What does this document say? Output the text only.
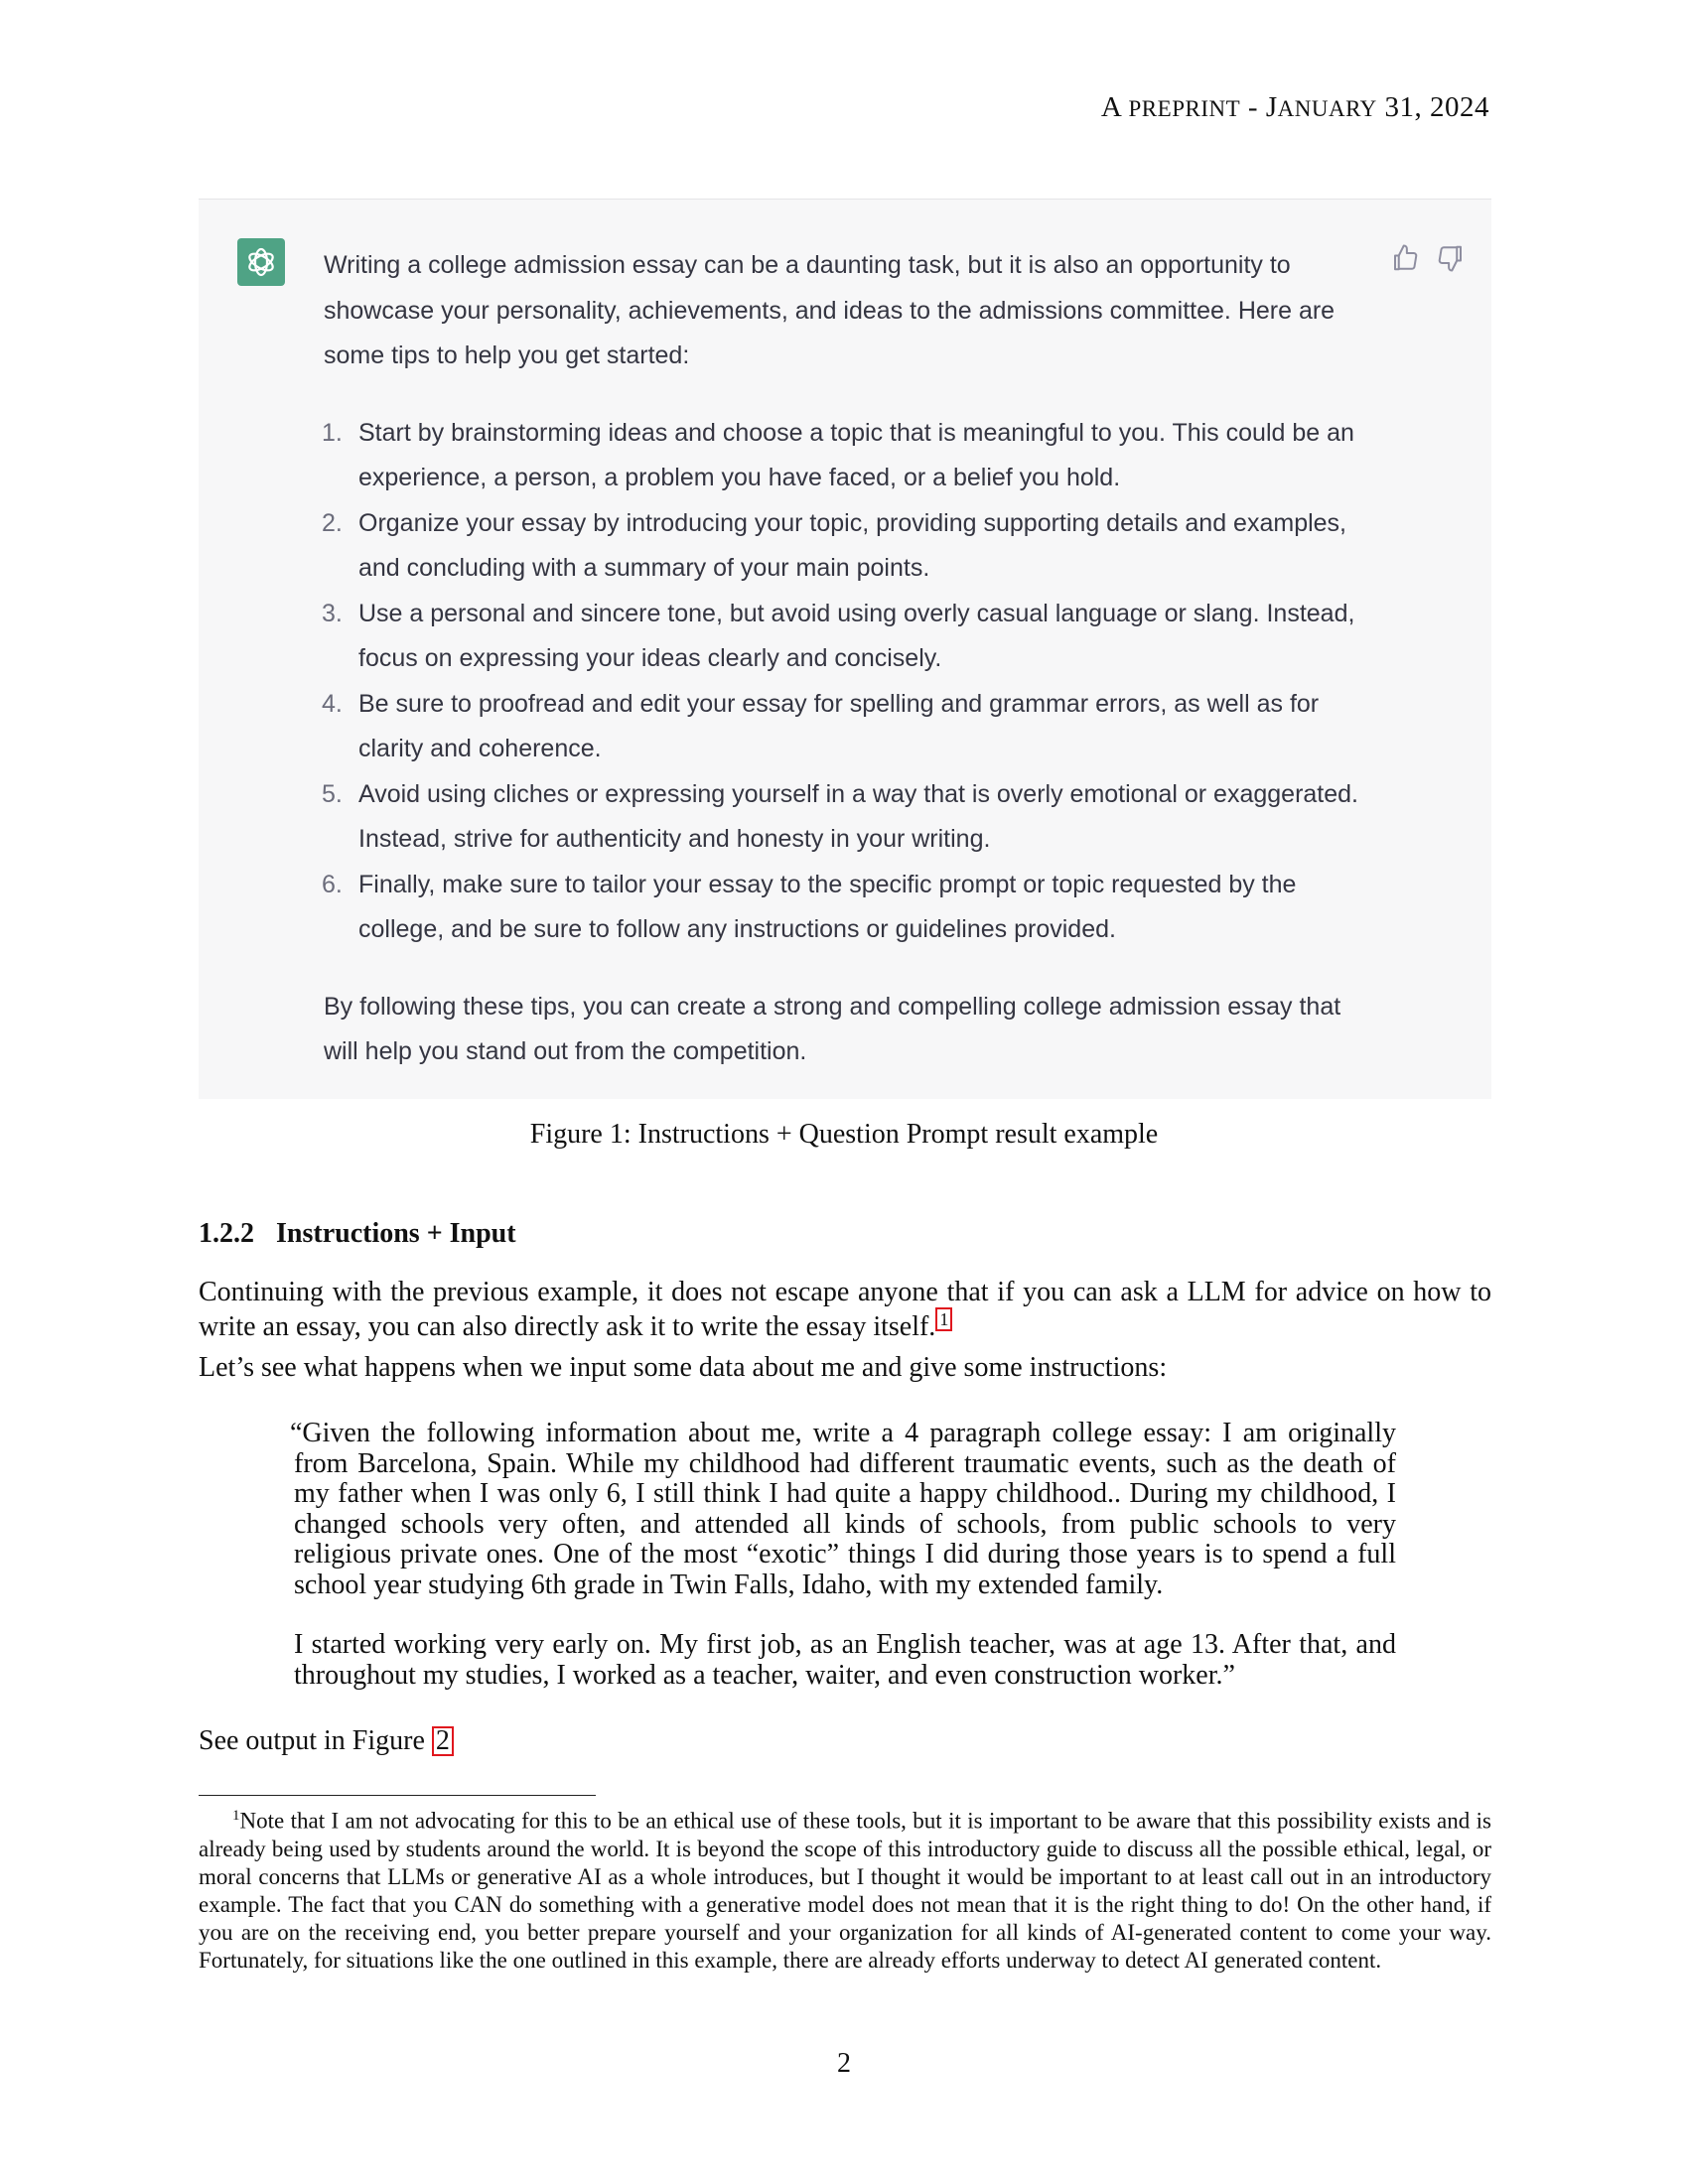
A PREPRINT - JANUARY 31, 2024

Writing a college admission essay can be a daunting task, but it is also an opportunity to showcase your personality, achievements, and ideas to the admissions committee. Here are some tips to help you get started:

1. Start by brainstorming ideas and choose a topic that is meaningful to you. This could be an experience, a person, a problem you have faced, or a belief you hold.
2. Organize your essay by introducing your topic, providing supporting details and examples, and concluding with a summary of your main points.
3. Use a personal and sincere tone, but avoid using overly casual language or slang. Instead, focus on expressing your ideas clearly and concisely.
4. Be sure to proofread and edit your essay for spelling and grammar errors, as well as for clarity and coherence.
5. Avoid using cliches or expressing yourself in a way that is overly emotional or exaggerated. Instead, strive for authenticity and honesty in your writing.
6. Finally, make sure to tailor your essay to the specific prompt or topic requested by the college, and be sure to follow any instructions or guidelines provided.

By following these tips, you can create a strong and compelling college admission essay that will help you stand out from the competition.

Figure 1: Instructions + Question Prompt result example
1.2.2 Instructions + Input
Continuing with the previous example, it does not escape anyone that if you can ask a LLM for advice on how to write an essay, you can also directly ask it to write the essay itself. 1
Let’s see what happens when we input some data about me and give some instructions:
“Given the following information about me, write a 4 paragraph college essay: I am originally from Barcelona, Spain. While my childhood had different traumatic events, such as the death of my father when I was only 6, I still think I had quite a happy childhood.. During my childhood, I changed schools very often, and attended all kinds of schools, from public schools to very religious private ones. One of the most “exotic” things I did during those years is to spend a full school year studying 6th grade in Twin Falls, Idaho, with my extended family.
I started working very early on. My first job, as an English teacher, was at age 13. After that, and throughout my studies, I worked as a teacher, waiter, and even construction worker.”
See output in Figure 2
$^1$Note that I am not advocating for this to be an ethical use of these tools, but it is important to be aware that this possibility exists and is already being used by students around the world. It is beyond the scope of this introductory guide to discuss all the possible ethical, legal, or moral concerns that LLMs or generative AI as a whole introduces, but I thought it would be important to at least call out in an introductory example. The fact that you CAN do something with a generative model does not mean that it is the right thing to do! On the other hand, if you are on the receiving end, you better prepare yourself and your organization for all kinds of AI-generated content to come your way. Fortunately, for situations like the one outlined in this example, there are already efforts underway to detect AI generated content.
2
